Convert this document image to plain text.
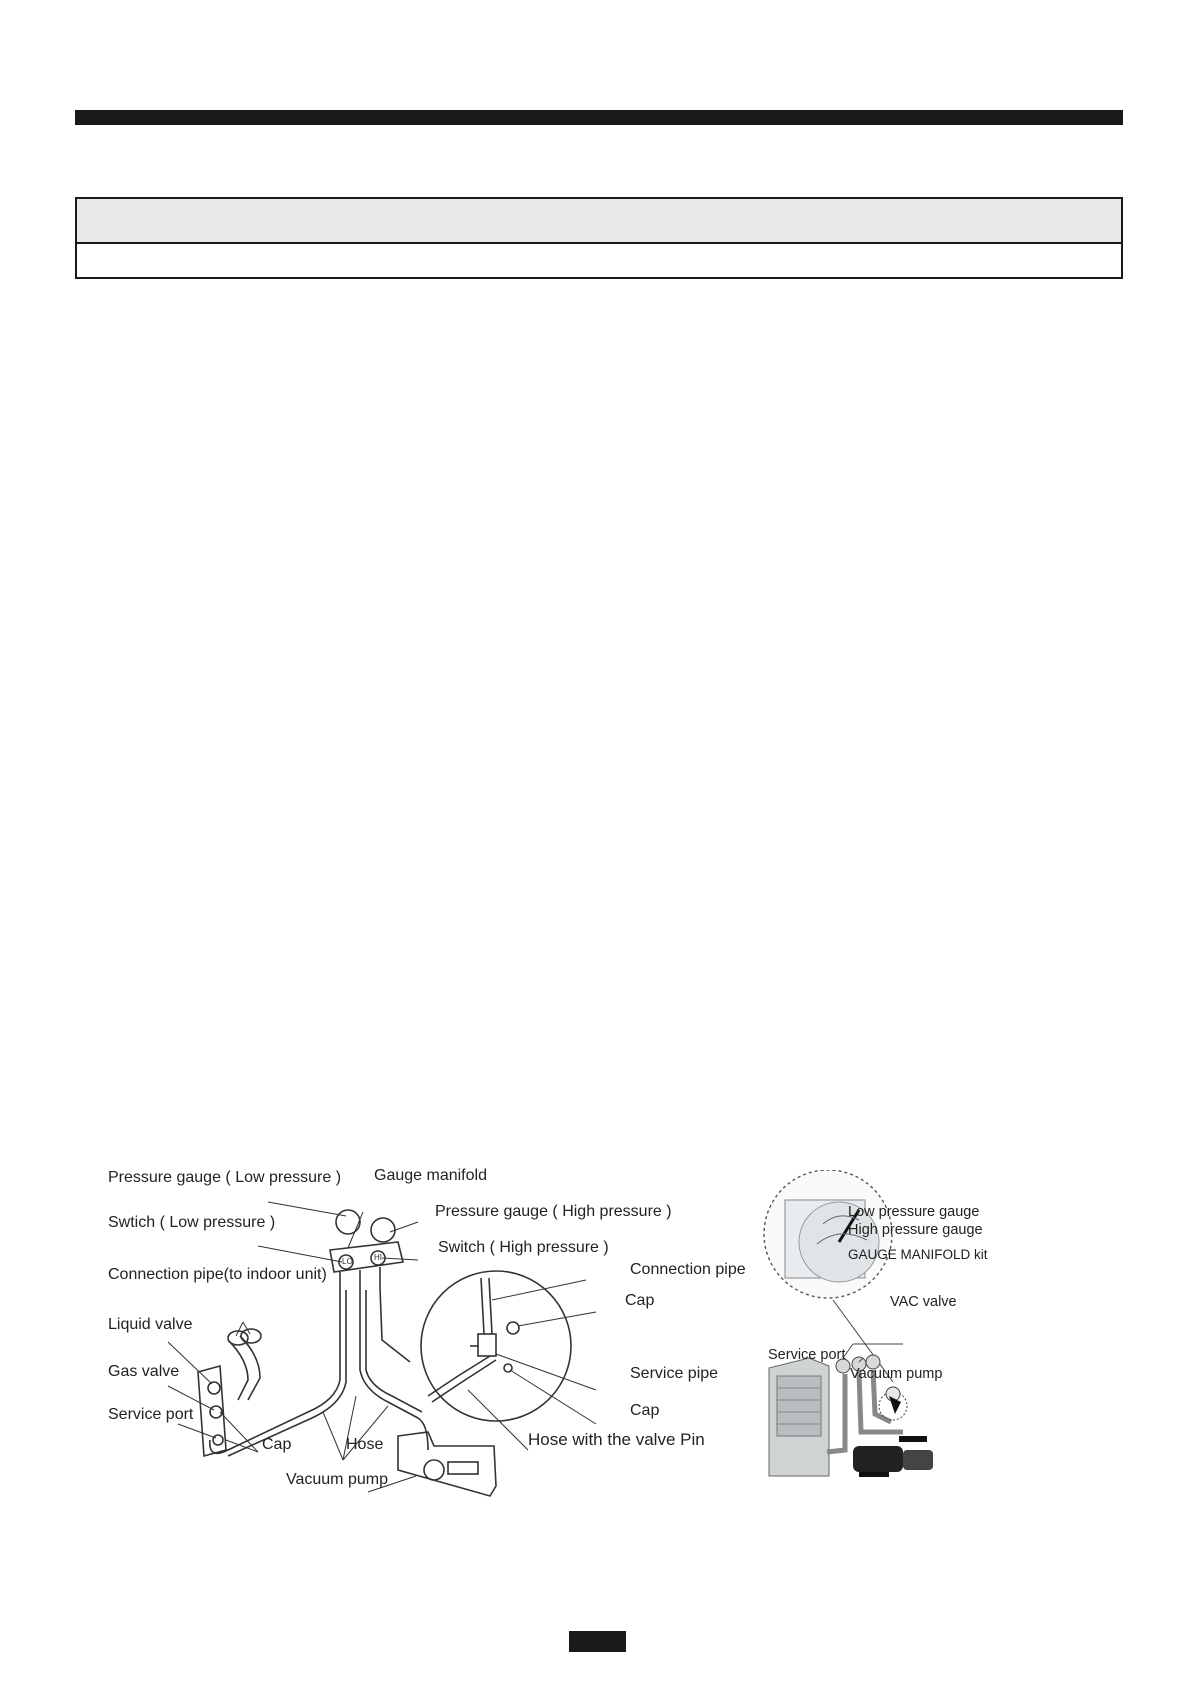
LO	HI
Pressure gauge ( Low pressure ) Gauge manifold
Pressure gauge ( High pressure )
Swtich ( Low pressure )
Switch ( High pressure )
Connection pipe(to indoor unit)	Connection pipe
Cap
Liquid valve
Gas valve	Service pipe
Service port	Cap
Cap	Hose	Hose with the valve Pin
Vacuum pump
Low pressure gauge
High pressure gauge
GAUGE MANIFOLD kit
VAC valve
Service port
Vacuum pump
